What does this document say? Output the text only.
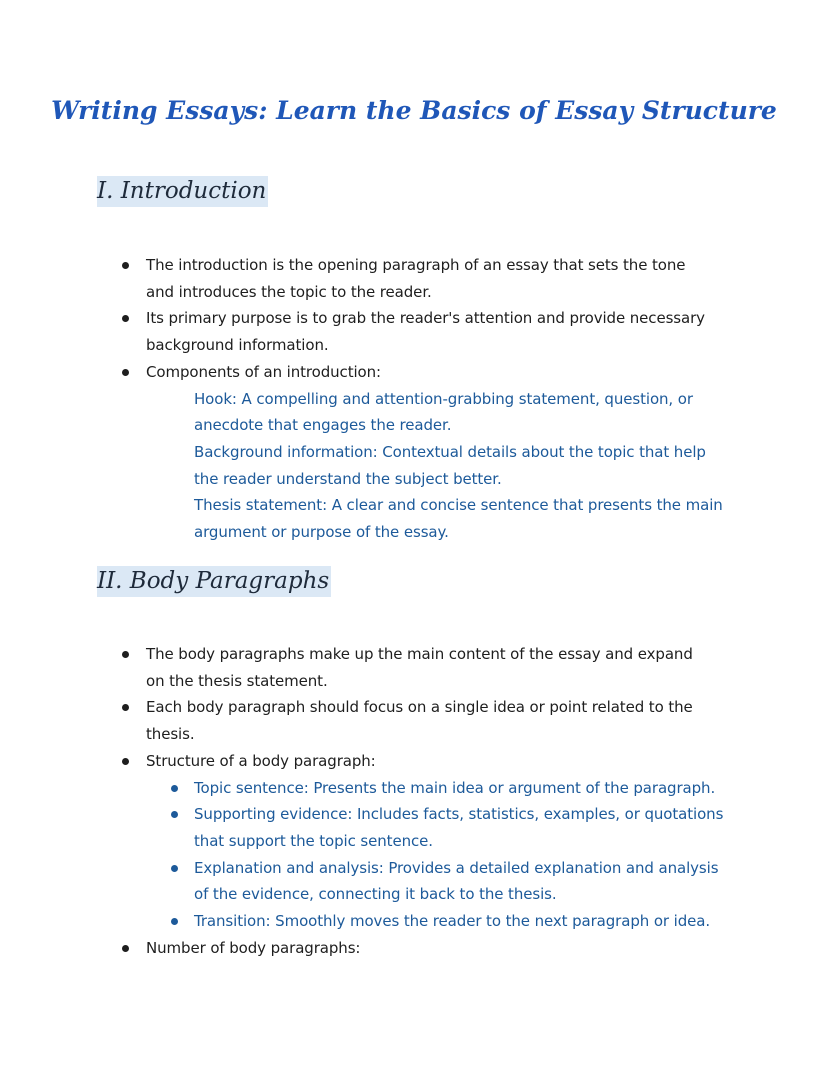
Writing Essays: Learn the Basics of Essay Structure
I. Introduction
The introduction is the opening paragraph of an essay that sets the tone and introduces the topic to the reader.
Its primary purpose is to grab the reader's attention and provide necessary background information.
Components of an introduction:
Hook: A compelling and attention-grabbing statement, question, or anecdote that engages the reader.
Background information: Contextual details about the topic that help the reader understand the subject better.
Thesis statement: A clear and concise sentence that presents the main argument or purpose of the essay.
II. Body Paragraphs
The body paragraphs make up the main content of the essay and expand on the thesis statement.
Each body paragraph should focus on a single idea or point related to the thesis.
Structure of a body paragraph:
Topic sentence: Presents the main idea or argument of the paragraph.
Supporting evidence: Includes facts, statistics, examples, or quotations that support the topic sentence.
Explanation and analysis: Provides a detailed explanation and analysis of the evidence, connecting it back to the thesis.
Transition: Smoothly moves the reader to the next paragraph or idea.
Number of body paragraphs:
